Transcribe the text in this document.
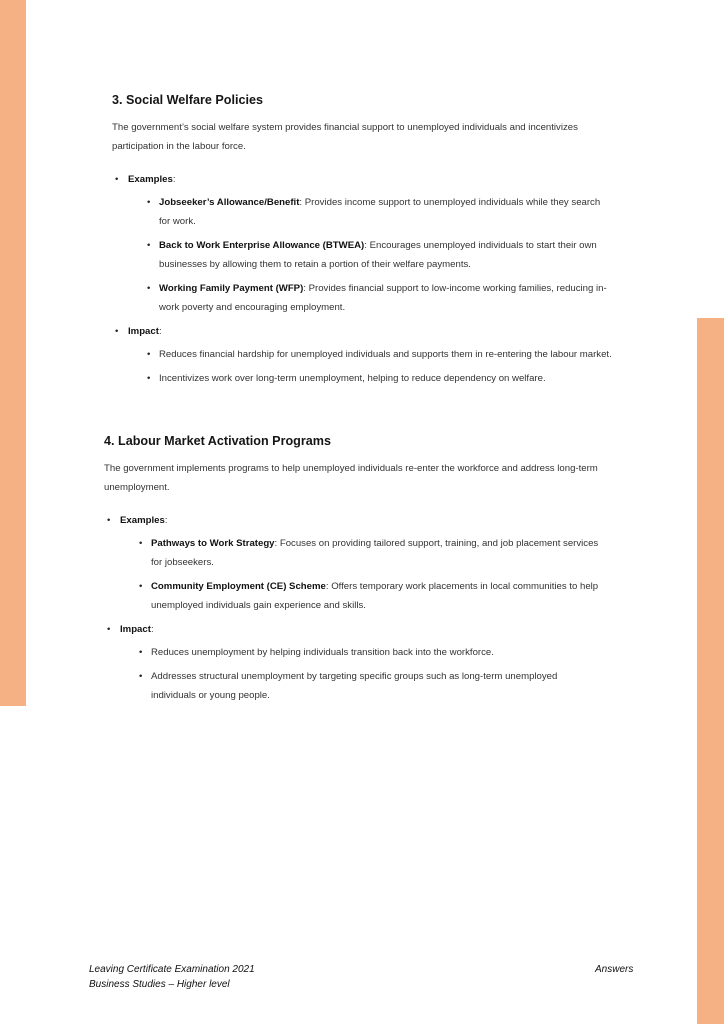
3. Social Welfare Policies

The government’s social welfare system provides financial support to unemployed individuals and incentivizes participation in the labour force.

• Examples:
• Jobseeker’s Allowance/Benefit: Provides income support to unemployed individuals while they search for work.
• Back to Work Enterprise Allowance (BTWEA): Encourages unemployed individuals to start their own businesses by allowing them to retain a portion of their welfare payments.
• Working Family Payment (WFP): Provides financial support to low-income working families, reducing in-work poverty and encouraging employment.
• Impact:
• Reduces financial hardship for unemployed individuals and supports them in re-entering the labour market.
• Incentivizes work over long-term unemployment, helping to reduce dependency on welfare.
4. Labour Market Activation Programs

The government implements programs to help unemployed individuals re-enter the workforce and address long-term unemployment.

• Examples:
• Pathways to Work Strategy: Focuses on providing tailored support, training, and job placement services for jobseekers.
• Community Employment (CE) Scheme: Offers temporary work placements in local communities to help unemployed individuals gain experience and skills.
• Impact:
• Reduces unemployment by helping individuals transition back into the workforce.
• Addresses structural unemployment by targeting specific groups such as long-term unemployed individuals or young people.
Leaving Certificate Examination 2021
Business Studies – Higher level
Answers
